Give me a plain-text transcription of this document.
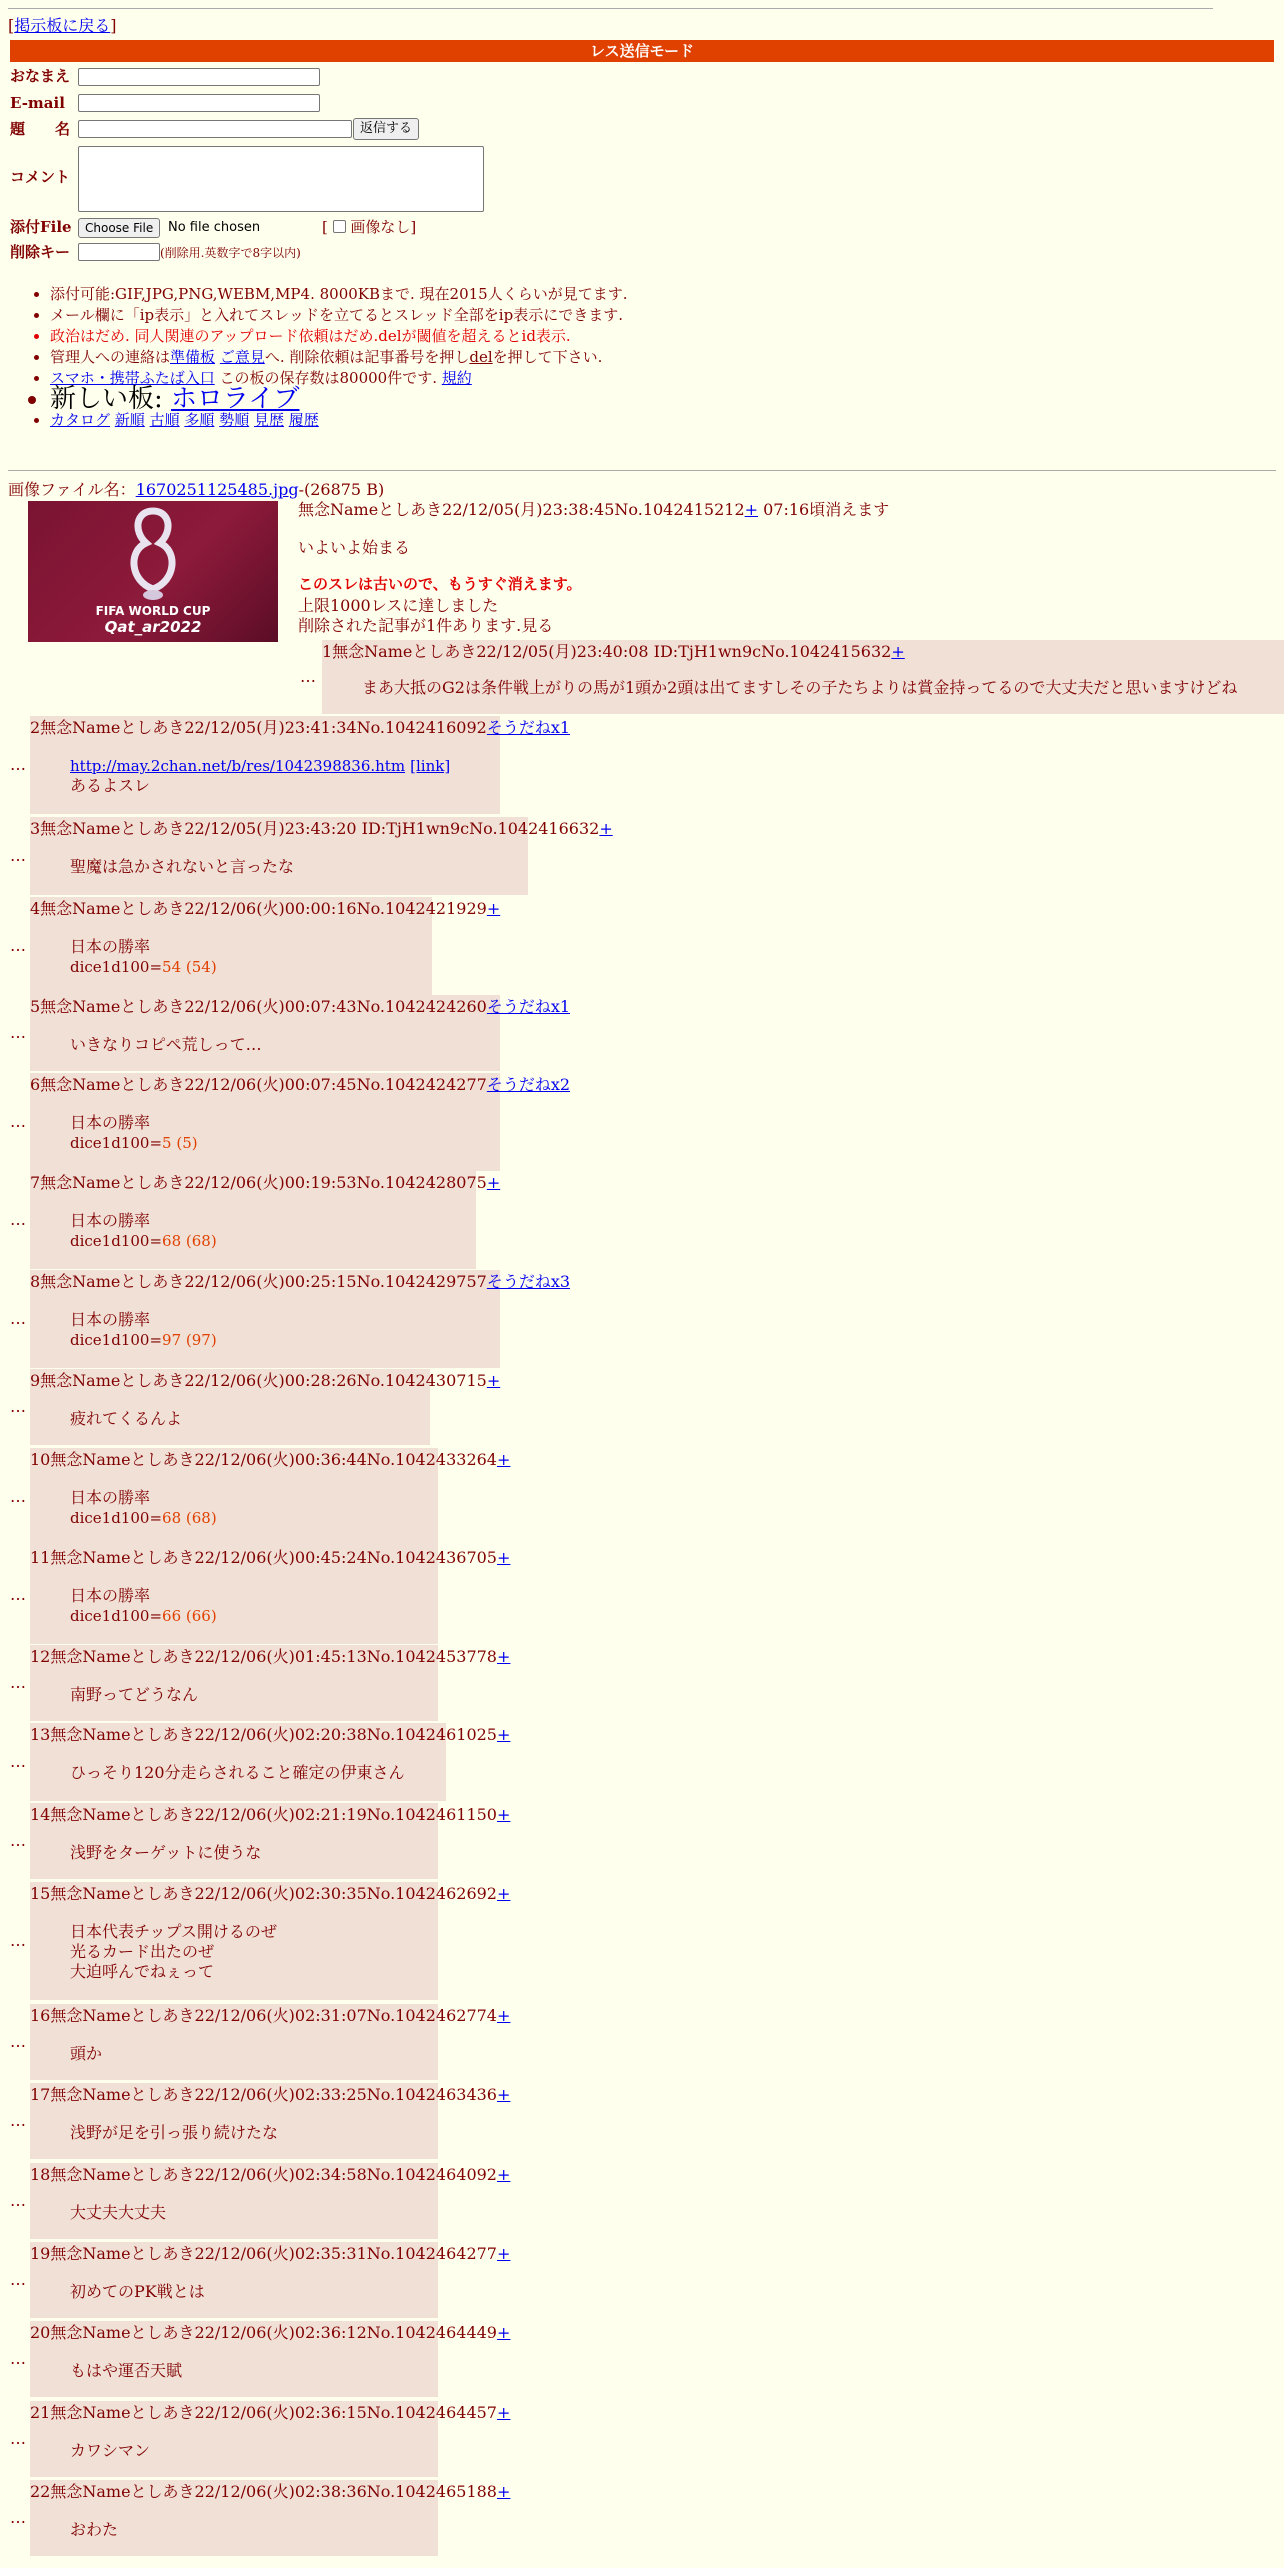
[掲示板に戻る]
レス送信モード
おなまえ
E-mail
題　　名	返信する
コメント
添付File	Choose File	No file chosen	[ 画像なし]
削除キー	(削除用.英数字で8字以内)
• 添付可能:GIF,JPG,PNG,WEBM,MP4. 8000KBまで. 現在2015人くらいが見てます.
• メール欄に「ip表示」と入れてスレッドを立てるとスレッド全部をip表示にできます.
• 政治はだめ. 同人関連のアップロード依頼はだめ.delが閾値を超えるとid表示.
• 管理人への連絡は準備板 ご意見へ. 削除依頼は記事番号を押しdelを押して下さい.
• スマホ・携帯ふたば入口 この板の保存数は80000件です. 規約
• 新しい板: ホロライブ
• カタログ 新順 古順 多順 勢順 見歴 履歴
画像ファイル名：1670251125485.jpg-(26875 B)
FIFA WORLD CUP
Qat_ar2022
無念Nameとしあき22/12/05(月)23:38:45No.1042415212+ 07:16頃消えます
いよいよ始まる
このスレは古いので、もうすぐ消えます。
上限1000レスに達しました
削除された記事が1件あります.見る
…
1無念Nameとしあき22/12/05(月)23:40:08 ID:TjH1wn9cNo.1042415632+
まあ大抵のG2は条件戦上がりの馬が1頭か2頭は出てますしその子たちよりは賞金持ってるので大丈夫だと思いますけどね
…
2無念Nameとしあき22/12/05(月)23:41:34No.1042416092そうだねx1
http://may.2chan.net/b/res/1042398836.htm [link]
あるよスレ
…
3無念Nameとしあき22/12/05(月)23:43:20 ID:TjH1wn9cNo.1042416632+
聖魔は急かされないと言ったな
…
4無念Nameとしあき22/12/06(火)00:00:16No.1042421929+
日本の勝率
dice1d100=54 (54)
…
5無念Nameとしあき22/12/06(火)00:07:43No.1042424260そうだねx1
いきなりコピペ荒しって…
…
6無念Nameとしあき22/12/06(火)00:07:45No.1042424277そうだねx2
日本の勝率
dice1d100=5 (5)
…
7無念Nameとしあき22/12/06(火)00:19:53No.1042428075+
日本の勝率
dice1d100=68 (68)
…
8無念Nameとしあき22/12/06(火)00:25:15No.1042429757そうだねx3
日本の勝率
dice1d100=97 (97)
…
9無念Nameとしあき22/12/06(火)00:28:26No.1042430715+
疲れてくるんよ
…
10無念Nameとしあき22/12/06(火)00:36:44No.1042433264+
日本の勝率
dice1d100=68 (68)
…
11無念Nameとしあき22/12/06(火)00:45:24No.1042436705+
日本の勝率
dice1d100=66 (66)
…
12無念Nameとしあき22/12/06(火)01:45:13No.1042453778+
南野ってどうなん
…
13無念Nameとしあき22/12/06(火)02:20:38No.1042461025+
ひっそり120分走らされること確定の伊東さん
…
14無念Nameとしあき22/12/06(火)02:21:19No.1042461150+
浅野をターゲットに使うな
…
15無念Nameとしあき22/12/06(火)02:30:35No.1042462692+
日本代表チップス開けるのぜ
光るカード出たのぜ
大迫呼んでねぇって
…
16無念Nameとしあき22/12/06(火)02:31:07No.1042462774+
頭か
…
17無念Nameとしあき22/12/06(火)02:33:25No.1042463436+
浅野が足を引っ張り続けたな
…
18無念Nameとしあき22/12/06(火)02:34:58No.1042464092+
大丈夫大丈夫
…
19無念Nameとしあき22/12/06(火)02:35:31No.1042464277+
初めてのPK戦とは
…
20無念Nameとしあき22/12/06(火)02:36:12No.1042464449+
もはや運否天賦
…
21無念Nameとしあき22/12/06(火)02:36:15No.1042464457+
カワシマン
…
22無念Nameとしあき22/12/06(火)02:38:36No.1042465188+
おわた
